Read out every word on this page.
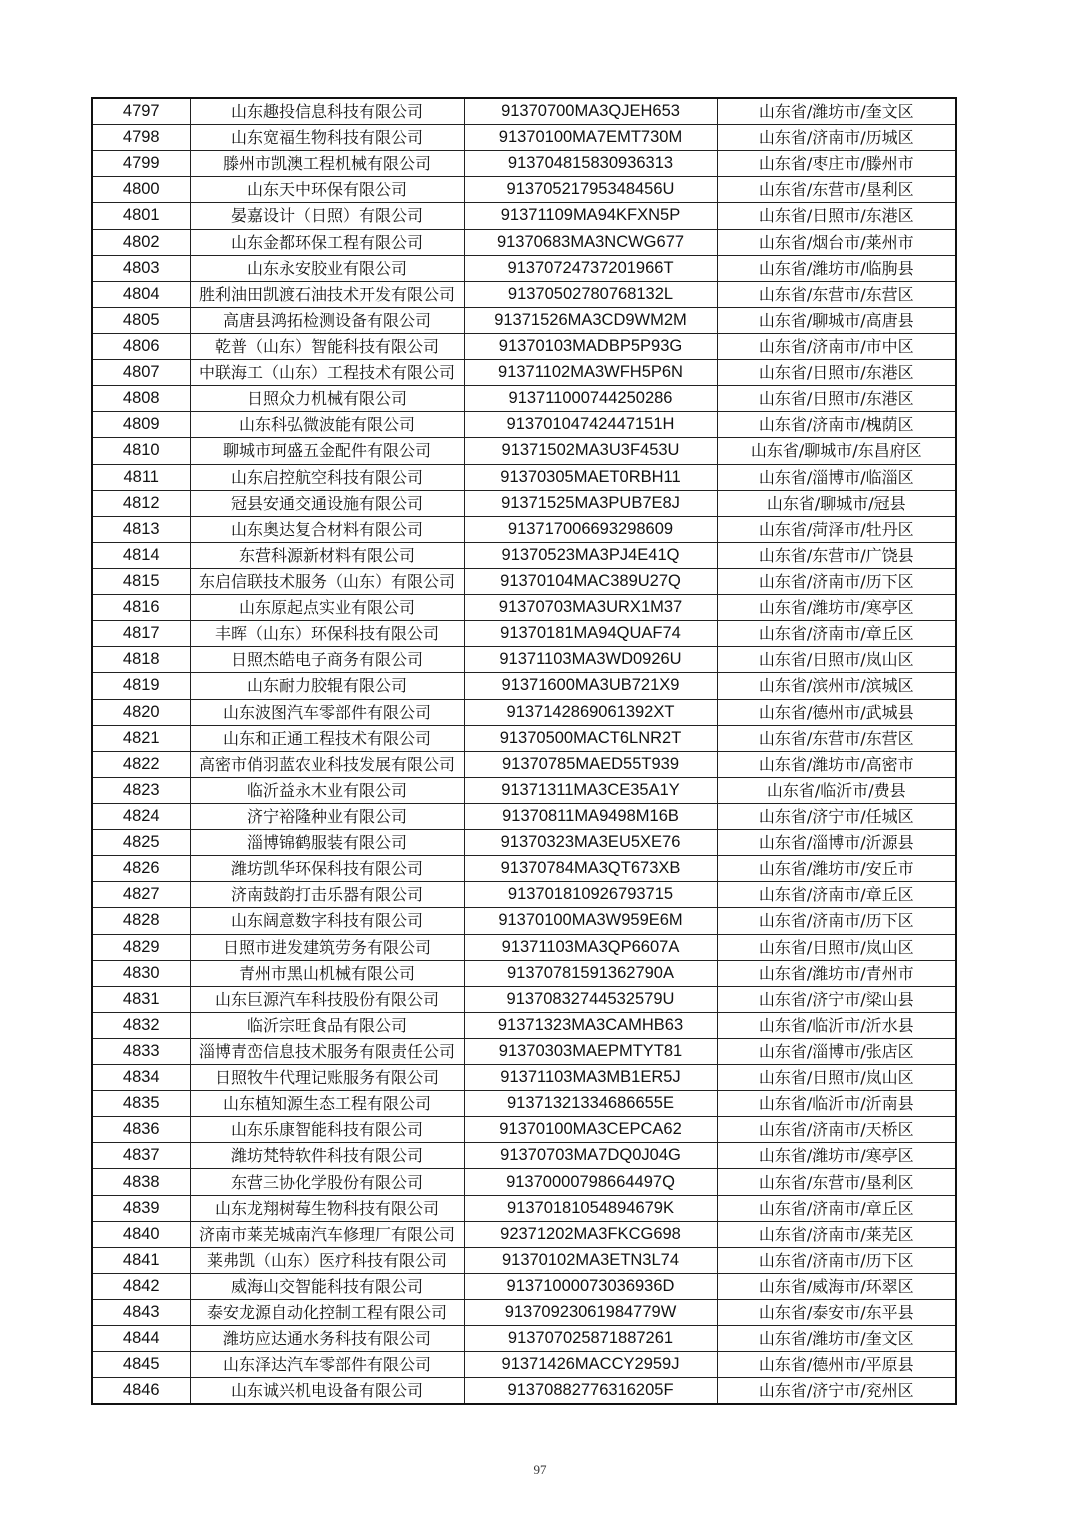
4797	山东趣投信息科技有限公司	91370700MA3QJEH653	山东省/潍坊市/奎文区
4798	山东宽福生物科技有限公司	91370100MA7EMT730M	山东省/济南市/历城区
4799	滕州市凯澳工程机械有限公司	913704815830936313	山东省/枣庄市/滕州市
4800	山东天中环保有限公司	91370521795348456U	山东省/东营市/垦利区
4801	晏嘉设计（日照）有限公司	91371109MA94KFXN5P	山东省/日照市/东港区
4802	山东金都环保工程有限公司	91370683MA3NCWG677	山东省/烟台市/莱州市
4803	山东永安胶业有限公司	91370724737201966T	山东省/潍坊市/临朐县
4804	胜利油田凯渡石油技术开发有限公司	91370502780768132L	山东省/东营市/东营区
4805	高唐县鸿拓检测设备有限公司	91371526MA3CD9WM2M	山东省/聊城市/高唐县
4806	乾普（山东）智能科技有限公司	91370103MADBP5P93G	山东省/济南市/市中区
4807	中联海工（山东）工程技术有限公司	91371102MA3WFH5P6N	山东省/日照市/东港区
4808	日照众力机械有限公司	913711000744250286	山东省/日照市/东港区
4809	山东科弘微波能有限公司	91370104742447151H	山东省/济南市/槐荫区
4810	聊城市珂盛五金配件有限公司	91371502MA3U3F453U	山东省/聊城市/东昌府区
4811	山东启控航空科技有限公司	91370305MAET0RBH11	山东省/淄博市/临淄区
4812	冠县安通交通设施有限公司	91371525MA3PUB7E8J	山东省/聊城市/冠县
4813	山东奥达复合材料有限公司	913717006693298609	山东省/菏泽市/牡丹区
4814	东营科源新材料有限公司	91370523MA3PJ4E41Q	山东省/东营市/广饶县
4815	东启信联技术服务（山东）有限公司	91370104MAC389U27Q	山东省/济南市/历下区
4816	山东原起点实业有限公司	91370703MA3URX1M37	山东省/潍坊市/寒亭区
4817	丰晖（山东）环保科技有限公司	91370181MA94QUAF74	山东省/济南市/章丘区
4818	日照杰皓电子商务有限公司	91371103MA3WD0926U	山东省/日照市/岚山区
4819	山东耐力胶辊有限公司	91371600MA3UB721X9	山东省/滨州市/滨城区
4820	山东波图汽车零部件有限公司	9137142869061392XT	山东省/德州市/武城县
4821	山东和正通工程技术有限公司	91370500MACT6LNR2T	山东省/东营市/东营区
4822	高密市俏羽蓝农业科技发展有限公司	91370785MAED55T939	山东省/潍坊市/高密市
4823	临沂益永木业有限公司	91371311MA3CE35A1Y	山东省/临沂市/费县
4824	济宁裕隆种业有限公司	91370811MA9498M16B	山东省/济宁市/任城区
4825	淄博锦鹤服装有限公司	91370323MA3EU5XE76	山东省/淄博市/沂源县
4826	潍坊凯华环保科技有限公司	91370784MA3QT673XB	山东省/潍坊市/安丘市
4827	济南鼓韵打击乐器有限公司	913701810926793715	山东省/济南市/章丘区
4828	山东阔意数字科技有限公司	91370100MA3W959E6M	山东省/济南市/历下区
4829	日照市进发建筑劳务有限公司	91371103MA3QP6607A	山东省/日照市/岚山区
4830	青州市黑山机械有限公司	91370781591362790A	山东省/潍坊市/青州市
4831	山东巨源汽车科技股份有限公司	91370832744532579U	山东省/济宁市/梁山县
4832	临沂宗旺食品有限公司	91371323MA3CAMHB63	山东省/临沂市/沂水县
4833	淄博青峦信息技术服务有限责任公司	91370303MAEPMTYT81	山东省/淄博市/张店区
4834	日照牧牛代理记账服务有限公司	91371103MA3MB1ER5J	山东省/日照市/岚山区
4835	山东植知源生态工程有限公司	91371321334686655E	山东省/临沂市/沂南县
4836	山东乐康智能科技有限公司	91370100MA3CEPCA62	山东省/济南市/天桥区
4837	潍坊梵特软件科技有限公司	91370703MA7DQ0J04G	山东省/潍坊市/寒亭区
4838	东营三协化学股份有限公司	91370000798664497Q	山东省/东营市/垦利区
4839	山东龙翔树莓生物科技有限公司	91370181054894679K	山东省/济南市/章丘区
4840	济南市莱芜城南汽车修理厂有限公司	92371202MA3FKCG698	山东省/济南市/莱芜区
4841	莱弗凯（山东）医疗科技有限公司	91370102MA3ETN3L74	山东省/济南市/历下区
4842	威海山交智能科技有限公司	91371000073036936D	山东省/威海市/环翠区
4843	泰安龙源自动化控制工程有限公司	91370923061984779W	山东省/泰安市/东平县
4844	潍坊应达通水务科技有限公司	913707025871887261	山东省/潍坊市/奎文区
4845	山东泽达汽车零部件有限公司	91371426MACCY2959J	山东省/德州市/平原县
4846	山东诚兴机电设备有限公司	91370882776316205F	山东省/济宁市/兖州区
97
